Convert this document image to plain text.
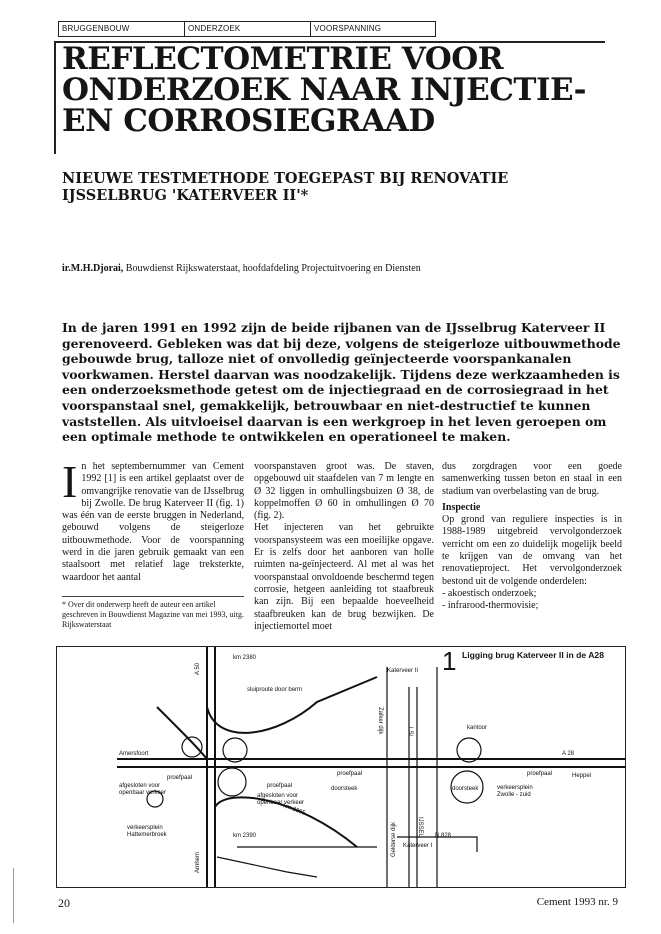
BRUGGENBOUW	ONDERZOEK	VOORSPANNING
REFLECTOMETRIE VOOR
ONDERZOEK NAAR INJECTIE-
EN CORROSIEGRAAD
NIEUWE TESTMETHODE TOEGEPAST BIJ RENOVATIE
IJSSELBRUG 'KATERVEER II'*
ir.M.H.Djorai, Bouwdienst Rijkswaterstaat, hoofdafdeling Projectuitvoering en Diensten

In de jaren 1991 en 1992 zijn de beide rijbanen van de IJsselbrug Katerveer II gerenoveerd. Gebleken was dat bij deze, volgens de steigerloze uitbouwmethode gebouwde brug, talloze niet of onvolledig geïnjecteerde voorspankanalen voorkwamen. Herstel daarvan was noodzakelijk. Tijdens deze werkzaamheden is een onderzoeksmethode getest om de injectiegraad en de corrosiegraad in het voorspanstaal snel, gemakkelijk, betrouwbaar en niet-destructief te kunnen vaststellen. Als uitvloeisel daarvan is een werkgroep in het leven geroepen om een optimale methode te ontwikkelen en operationeel te maken.

In het septembernummer van Cement 1992 [1] is een artikel geplaatst over de omvangrijke renovatie van de IJsselbrug bij Zwolle. De brug Katerveer II (fig. 1) was één van de eerste bruggen in Nederland, gebouwd volgens de steigerloze uitbouwmethode. Voor de voorspanning werd in die jaren gebruik gemaakt van een staalsoort met relatief lage treksterkte, waardoor het aantal

* Over dit onderwerp heeft de auteur een artikel geschreven in Bouwdienst Magazine van mei 1993, uitg. Rijkswaterstaat

voorspanstaven groot was. De staven, opgebouwd uit staafdelen van 7 m lengte en Ø 32 liggen in omhullingsbuizen Ø 38, de koppelmoffen Ø 60 in omhullingen Ø 70 (fig. 2).

Het injecteren van het gebruikte voorspansysteem was een moeilijke opgave. Er is zelfs door het aanboren van holle ruimten na-geïnjecteerd. Al met al was het voorspanstaal onvoldoende beschermd tegen corrosie, hetgeen aanleiding tot staafbreuk kan zijn. Bij een bepaalde hoeveelheid staafbreuken kan de brug bezwijken. De injectiemortel moet

dus zorgdragen voor een goede samenwerking tussen beton en staal in een stadium van overbelasting van de brug.

Inspectie

Op grond van reguliere inspecties is in 1988-1989 uitgebreid vervolgonderzoek verricht om een zo duidelijk mogelijk beeld te krijgen van de omvang van het renovatieproject. Het vervolgonderzoek bestond uit de volgende onderdelen:

- akoestisch onderzoek;

- infrarood-thermovisie;

A 50
km 2380
sluiproute door berm
Katerveer II
Amersfoort	A 28
proefpaal
proefpaal
proefpaal	proefpaal
afgesloten voor
openbaar verkeer	afgesloten voor
openbaar verkeer
verkeersplein
Hattemerbroek
verkeersplein
Zwolle - zuid
Heppel
doorsteek	doorsteek
N 828
Katerveer I
IJSSEL
Zalker dijk
Gelderse dijk
km 2390
km 2395
kantoor
Arnhem
LSL
1 Ligging brug Katerveer II in de A28
20	Cement 1993 nr. 9
